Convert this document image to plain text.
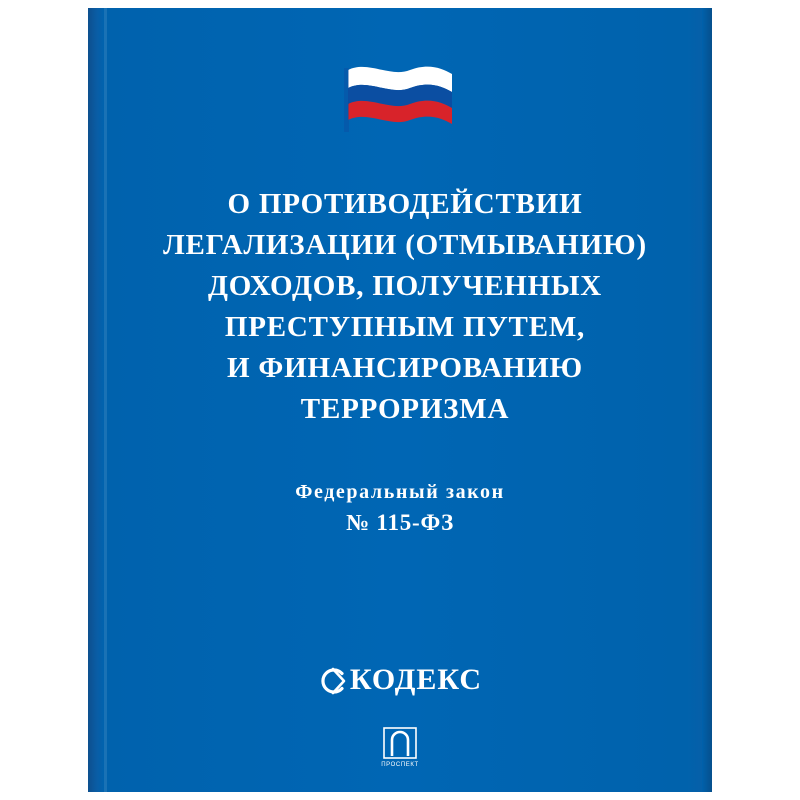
О ПРОТИВОДЕЙСТВИИ
ЛЕГАЛИЗАЦИИ (ОТМЫВАНИЮ)
ДОХОДОВ, ПОЛУЧЕННЫХ
ПРЕСТУПНЫМ ПУТЕМ,
И ФИНАНСИРОВАНИЮ
ТЕРРОРИЗМА
Федеральный закон
№ 115-ФЗ
КОДЕКС
ПРОСПЕКТ
